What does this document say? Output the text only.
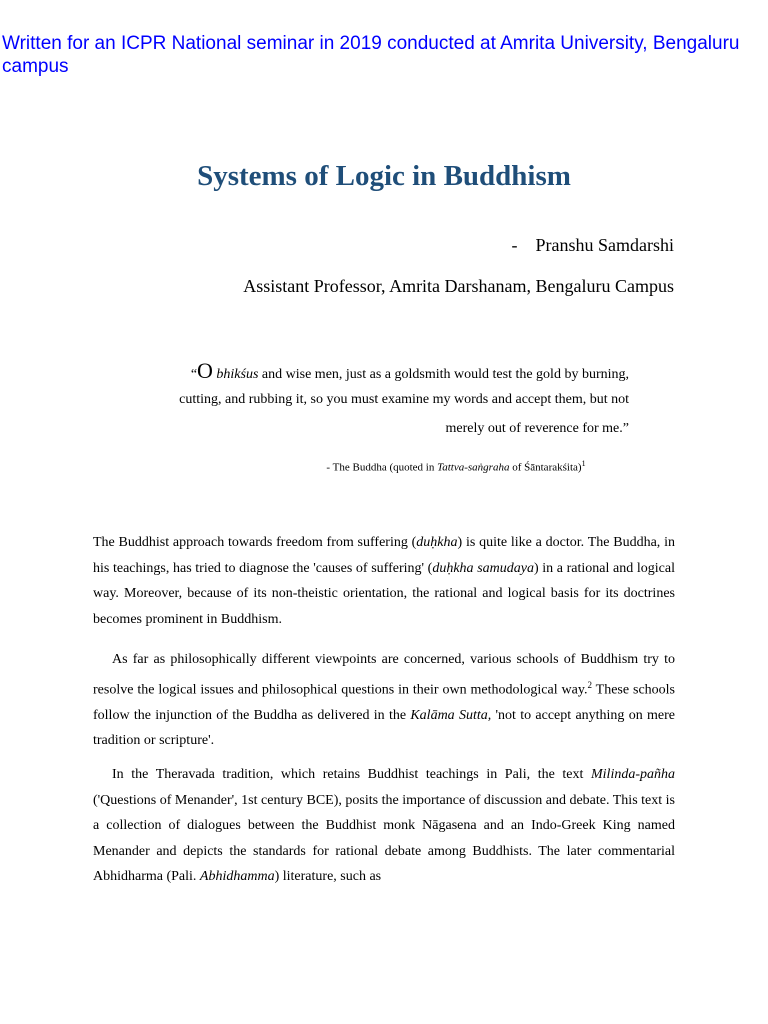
Written for an ICPR National seminar in 2019 conducted at Amrita University, Bengaluru campus
Systems of Logic in Buddhism
- Pranshu Samdarshi
Assistant Professor, Amrita Darshanam, Bengaluru Campus
“O bhikśus and wise men, just as a goldsmith would test the gold by burning,
cutting, and rubbing it, so you must examine my words and accept them, but not
merely out of reverence for me.”
- The Buddha (quoted in Tattva-saṅgraha of Śāntarakśita)$^1$

The Buddhist approach towards freedom from suffering (duḥkha) is quite like a doctor. The Buddha, in his teachings, has tried to diagnose the 'causes of suffering' (duḥkha samudaya) in a rational and logical way. Moreover, because of its non-theistic orientation, the rational and logical basis for its doctrines becomes prominent in Buddhism.

As far as philosophically different viewpoints are concerned, various schools of Buddhism try to resolve the logical issues and philosophical questions in their own methodological way.$^2$ These schools follow the injunction of the Buddha as delivered in the Kalāma Sutta, 'not to accept anything on mere tradition or scripture'.

In the Theravada tradition, which retains Buddhist teachings in Pali, the text Milinda-pañha ('Questions of Menander', 1st century BCE), posits the importance of discussion and debate. This text is a collection of dialogues between the Buddhist monk Nāgasena and an Indo-Greek King named Menander and depicts the standards for rational debate among Buddhists. The later commentarial Abhidharma (Pali. Abhidhamma) literature, such as
